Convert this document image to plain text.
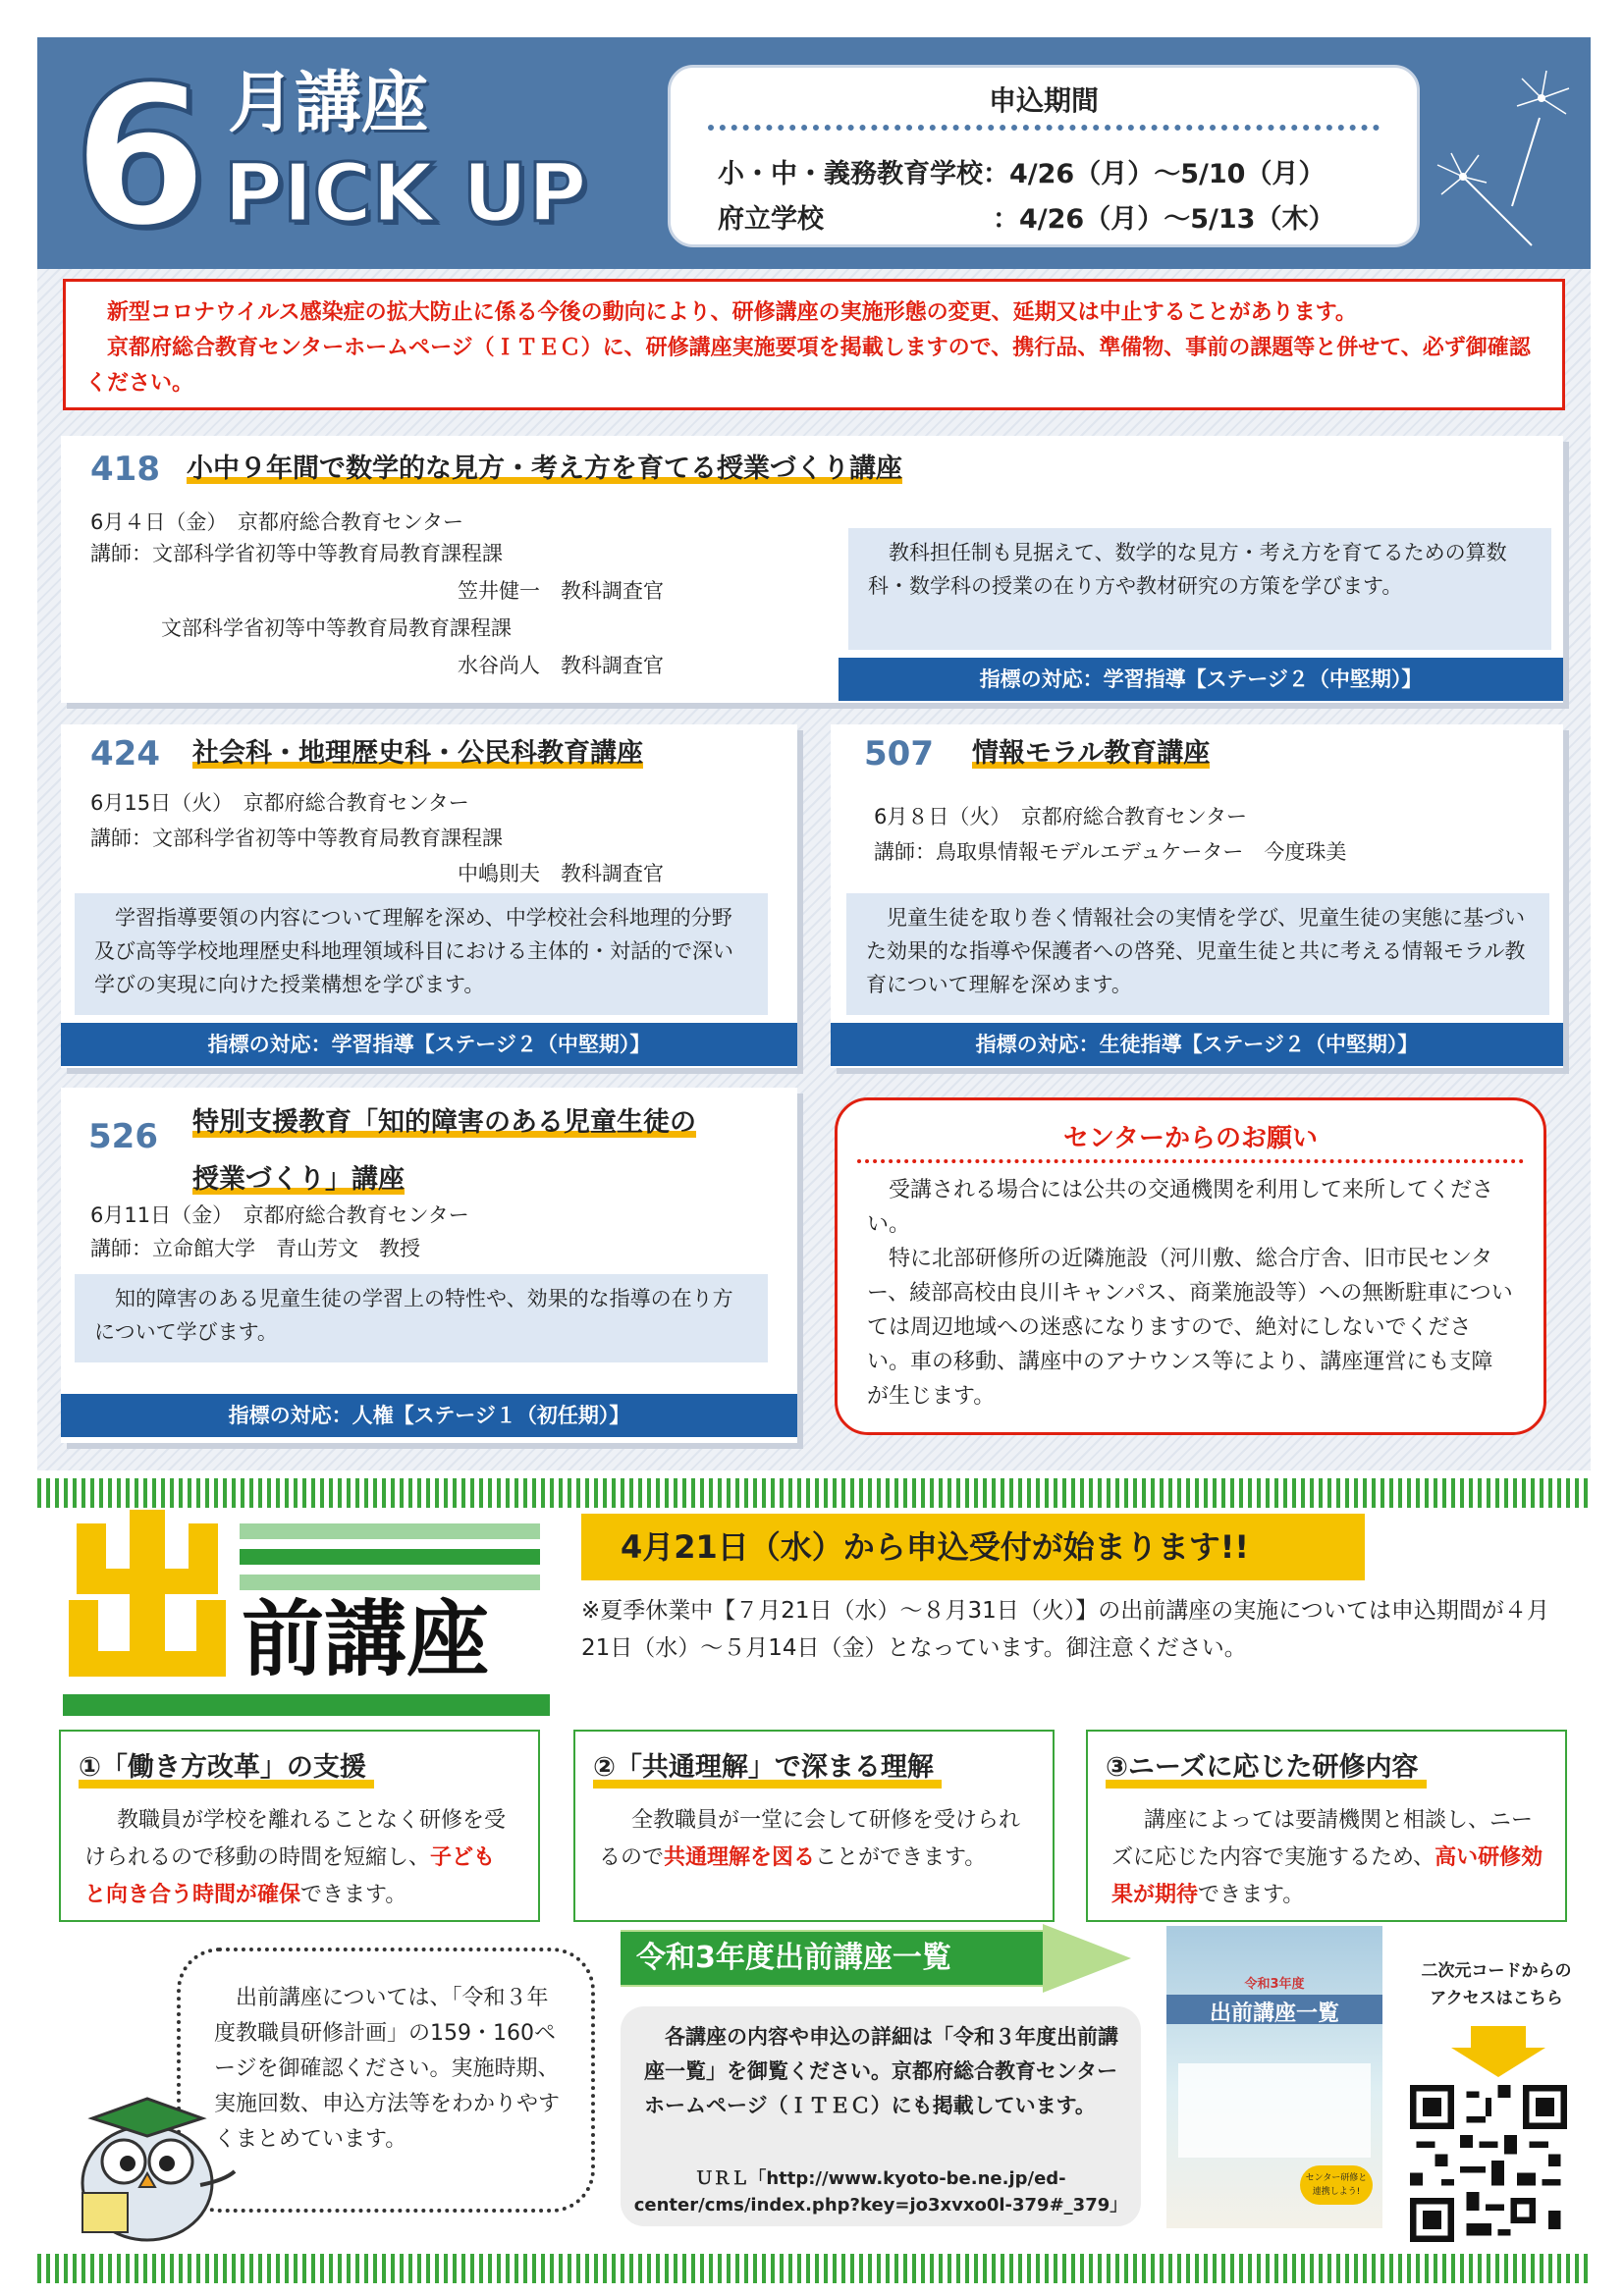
6 月講座
PICK UP
申込期間
小・中・義務教育学校：4/26（月）～5/10（月）
府立学校	：4/26（月）～5/13（木）
　新型コロナウイルス感染症の拡大防止に係る今後の動向により、研修講座の実施形態の変更、延期又は中止することがあります。
　京都府総合教育センターホームページ（ＩＴＥＣ）に、研修講座実施要項を掲載しますので、携行品、準備物、事前の課題等と併せて、必ず御確認ください。
418 小中９年間で数学的な見方・考え方を育てる授業づくり講座
6月４日（金）　京都府総合教育センター
講師：文部科学省初等中等教育局教育課程課
笠井健一　教科調査官
文部科学省初等中等教育局教育課程課
水谷尚人　教科調査官
　教科担任制も見据えて、数学的な見方・考え方を育てるための算数科・数学科の授業の在り方や教材研究の方策を学びます。
指標の対応：学習指導【ステージ２（中堅期）】
424 社会科・地理歴史科・公民科教育講座
6月15日（火）　京都府総合教育センター
講師：文部科学省初等中等教育局教育課程課
中嶋則夫　教科調査官
　学習指導要領の内容について理解を深め、中学校社会科地理的分野及び高等学校地理歴史科地理領域科目における主体的・対話的で深い学びの実現に向けた授業構想を学びます。
指標の対応：学習指導【ステージ２（中堅期）】
507 情報モラル教育講座
6月８日（火）　京都府総合教育センター
講師：鳥取県情報モデルエデュケーター　今度珠美
　児童生徒を取り巻く情報社会の実情を学び、児童生徒の実態に基づいた効果的な指導や保護者への啓発、児童生徒と共に考える情報モラル教育について理解を深めます。
指標の対応：生徒指導【ステージ２（中堅期）】
526 特別支援教育「知的障害のある児童生徒の
授業づくり」講座
6月11日（金）　京都府総合教育センター
講師：立命館大学　青山芳文　教授
　知的障害のある児童生徒の学習上の特性や、効果的な指導の在り方について学びます。
指標の対応：人権【ステージ１（初任期）】
センターからのお願い
　受講される場合には公共の交通機関を利用して来所してください。
　特に北部研修所の近隣施設（河川敷、総合庁舎、旧市民センター、綾部高校由良川キャンパス、商業施設等）への無断駐車については周辺地域への迷惑になりますので、絶対にしないでください。車の移動、講座中のアナウンス等により、講座運営にも支障が生じます。
前講座
4月21日（水）から申込受付が始まります!!
※夏季休業中【７月21日（水）～８月31日（火）】の出前講座の実施については申込期間が４月21日（水）～５月14日（金）となっています。御注意ください。
①「働き方改革」の支援
教職員が学校を離れることなく研修を受けられるので移動の時間を短縮し、子どもと向き合う時間が確保できます。
②「共通理解」で深まる理解
全教職員が一堂に会して研修を受けられるので共通理解を図ることができます。
③ニーズに応じた研修内容
講座によっては要請機関と相談し、ニーズに応じた内容で実施するため、高い研修効果が期待できます。
　出前講座については、「令和３年度教職員研修計画」の159・160ページを御確認ください。実施時期、実施回数、申込方法等をわかりやすくまとめています。
令和3年度出前講座一覧
　各講座の内容や申込の詳細は「令和３年度出前講座一覧」を御覧ください。京都府総合教育センターホームページ（ＩＴＥＣ）にも掲載しています。
ＵＲＬ「http://www.kyoto-be.ne.jp/ed-center/cms/index.php?key=jo3xvxo0l-379#_379」
令和3年度
出前講座一覧
センター研修と
連携しよう!
二次元コードからの
アクセスはこちら
